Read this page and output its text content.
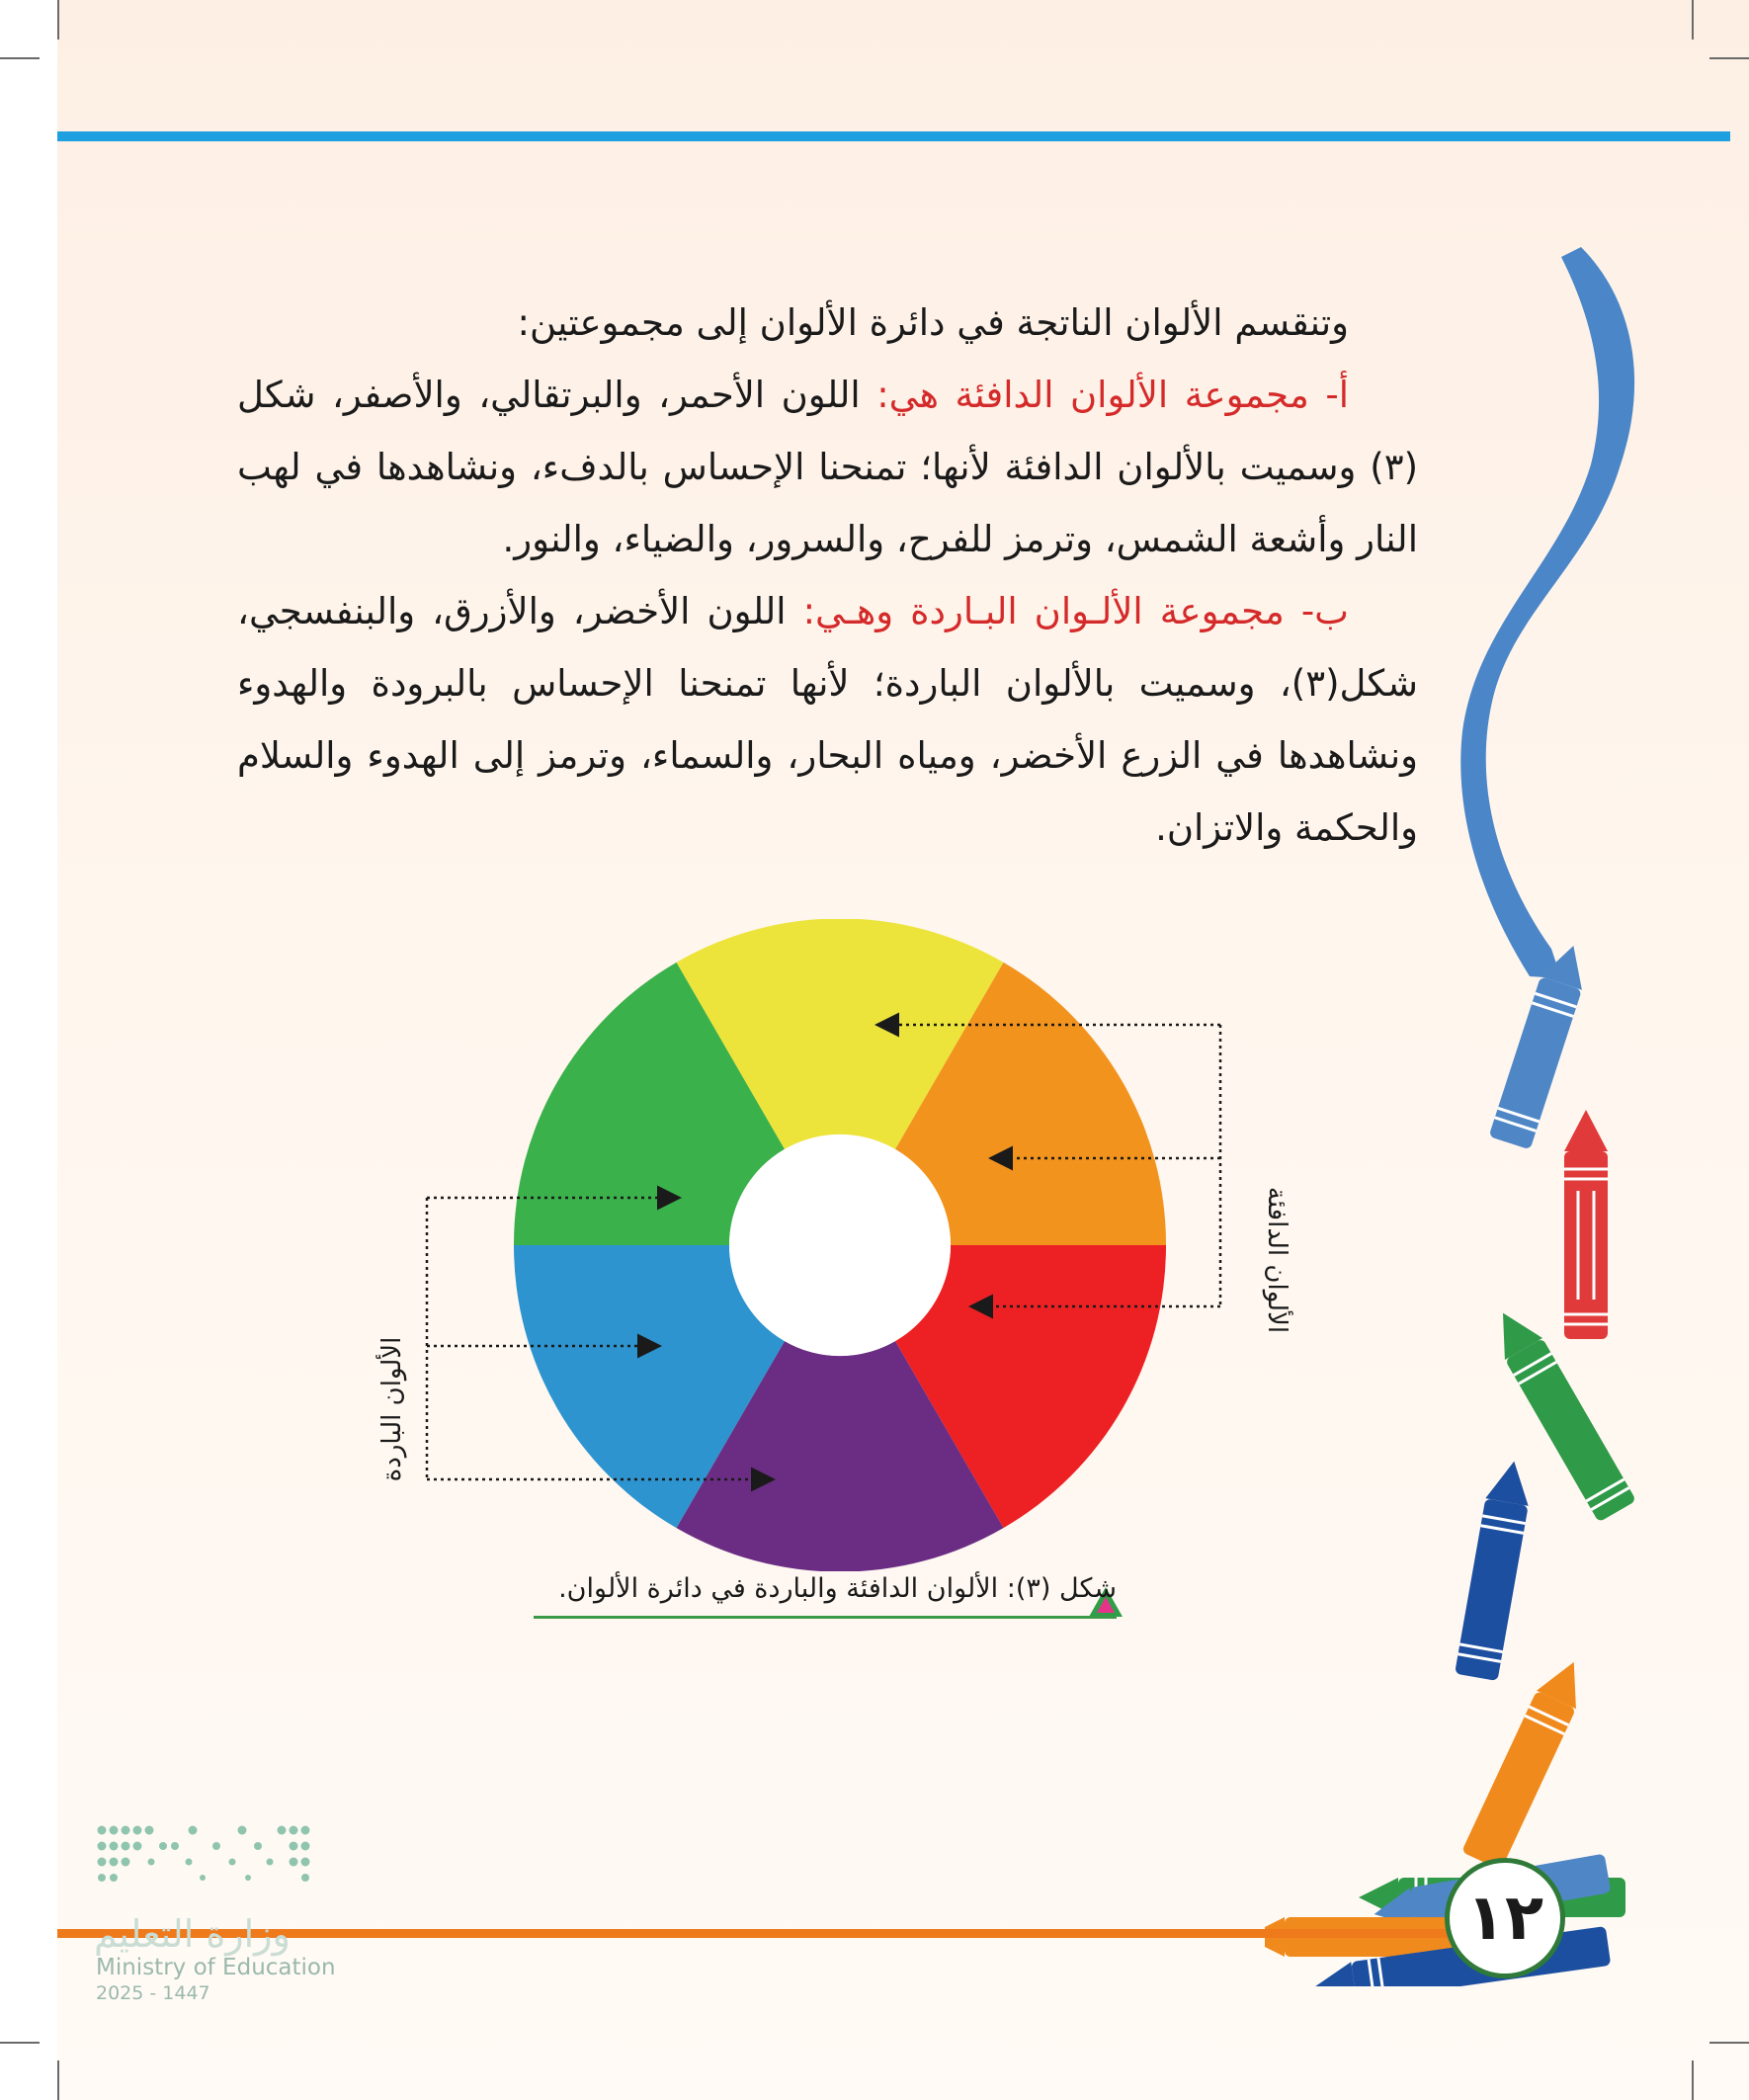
وتنقسم الألوان الناتجة في دائرة الألوان إلى مجموعتين:

أ- مجموعة الألوان الدافئة هي: اللون الأحمر، والبرتقالي، والأصفر، شكل (٣) وسميت بالألوان الدافئة لأنها؛ تمنحنا الإحساس بالدفء، ونشاهدها في لهب النار وأشعة الشمس، وترمز للفرح، والسرور، والضياء، والنور.

ب- مجموعة الألـوان البـاردة وهـي: اللون الأخضر، والأزرق، والبنفسجي، شكل(٣)، وسميت بالألوان الباردة؛ لأنها تمنحنا الإحساس بالبرودة والهدوء ونشاهدها في الزرع الأخضر، ومياه البحار، والسماء، وترمز إلى الهدوء والسلام والحكمة والاتزان.

الألوان الدافئة
الألوان الباردة
شكل (٣): الألوان الدافئة والباردة في دائرة الألوان.
١٢
وزارة التعليم
Ministry of Education
2025 - 1447
